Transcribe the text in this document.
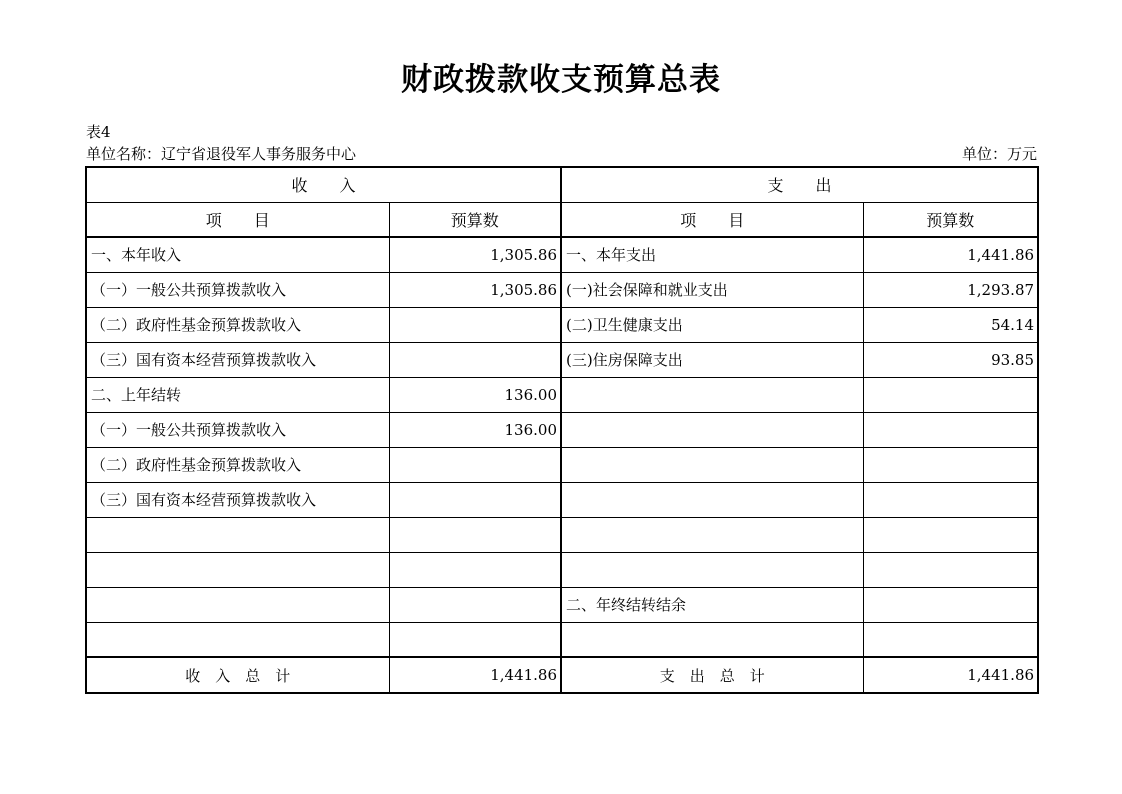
财政拨款收支预算总表
表4
单位名称：辽宁省退役军人事务服务中心	单位：万元
收　　入		支　　出	
项　　目	预算数	项　　目	预算数
一、本年收入	1,305.86	一、本年支出	1,441.86
（一）一般公共预算拨款收入	1,305.86	(一)社会保障和就业支出	1,293.87
（二）政府性基金预算拨款收入		(二)卫生健康支出	54.14
（三）国有资本经营预算拨款收入		(三)住房保障支出	93.85
二、上年结转	136.00		
（一）一般公共预算拨款收入	136.00		
（二）政府性基金预算拨款收入			
（三）国有资本经营预算拨款收入			

		二、年终结转结余	

收　入　总　计	1,441.86	支　出　总　计	1,441.86
